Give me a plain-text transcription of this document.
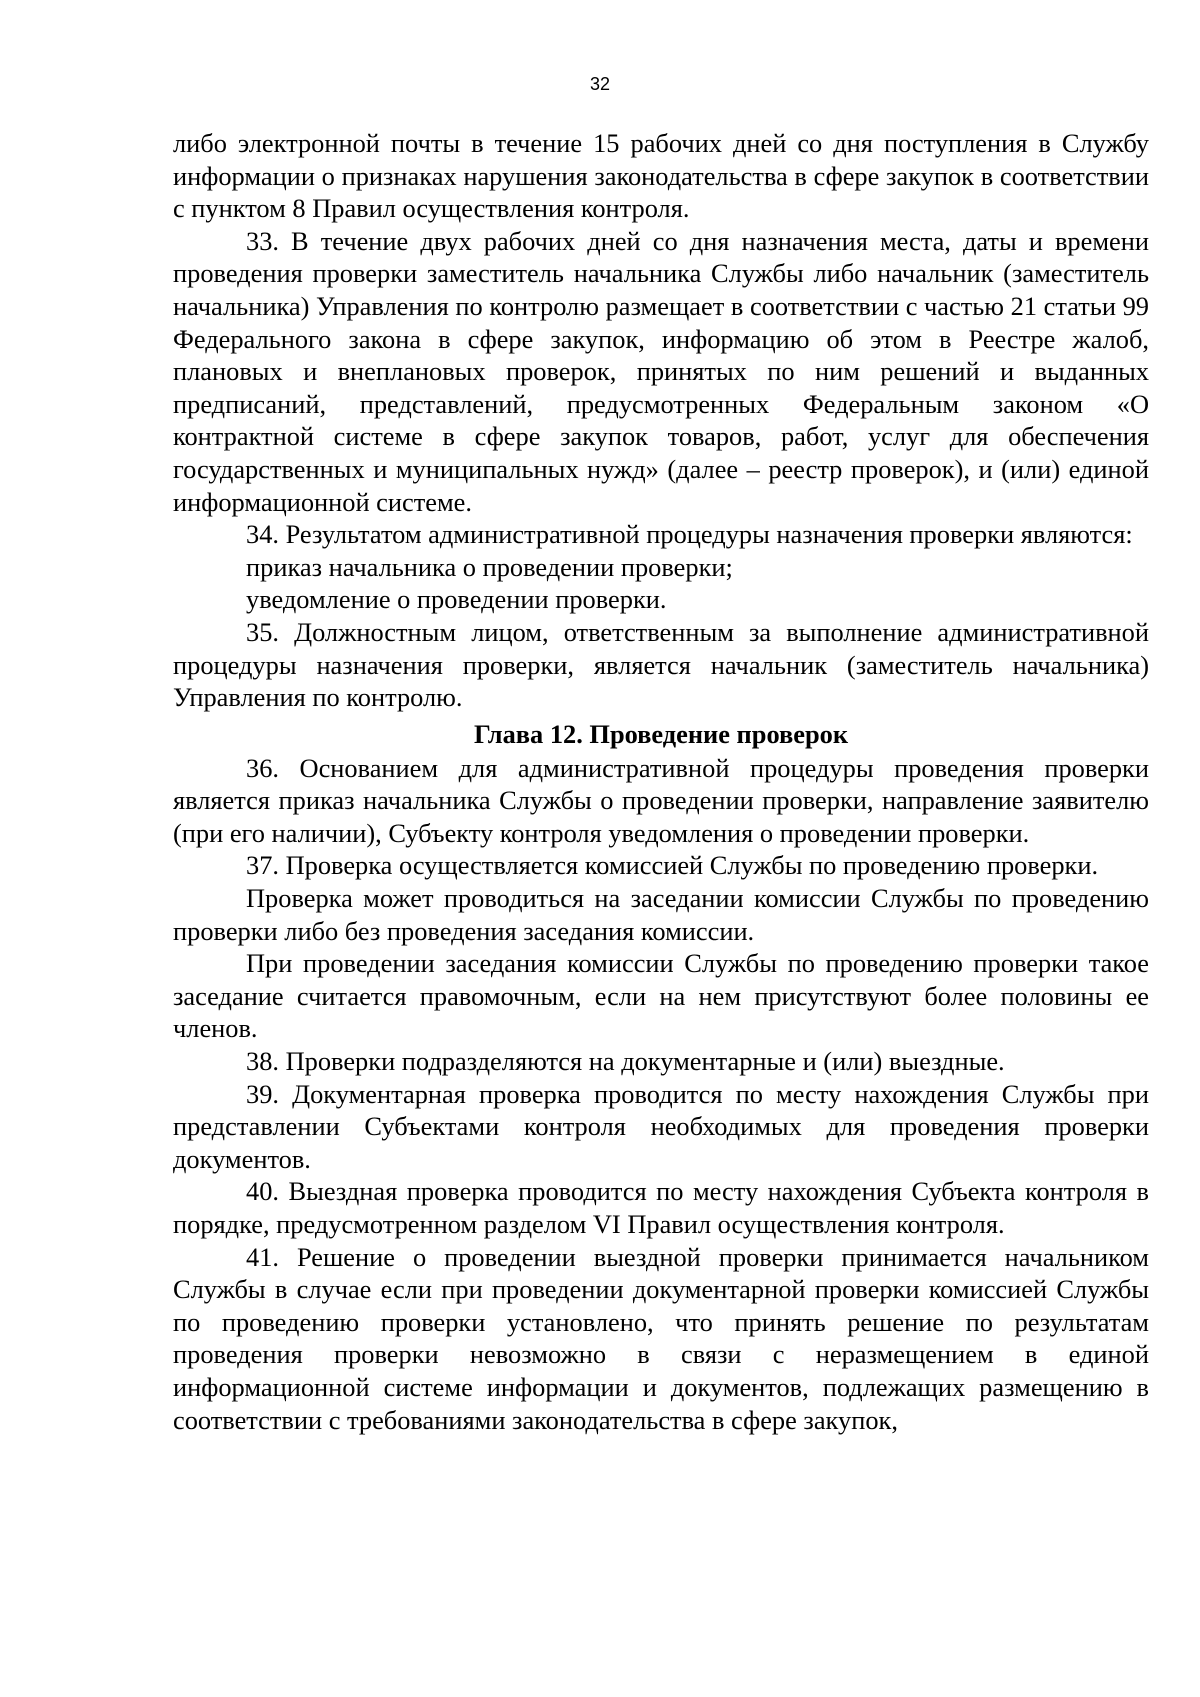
32

либо электронной почты в течение 15 рабочих дней со дня поступления в Службу информации о признаках нарушения законодательства в сфере закупок в соответствии с пунктом 8 Правил осуществления контроля.

33. В течение двух рабочих дней со дня назначения места, даты и времени проведения проверки заместитель начальника Службы либо начальник (заместитель начальника) Управления по контролю размещает в соответствии с частью 21 статьи 99 Федерального закона в сфере закупок, информацию об этом в Реестре жалоб, плановых и внеплановых проверок, принятых по ним решений и выданных предписаний, представлений, предусмотренных Федеральным законом «О контрактной системе в сфере закупок товаров, работ, услуг для обеспечения государственных и муниципальных нужд» (далее – реестр проверок), и (или) единой информационной системе.

34. Результатом административной процедуры назначения проверки являются:

приказ начальника о проведении проверки;

уведомление о проведении проверки.

35. Должностным лицом, ответственным за выполнение административной процедуры назначения проверки, является начальник (заместитель начальника) Управления по контролю.

Глава 12. Проведение проверок

36. Основанием для административной процедуры проведения проверки является приказ начальника Службы о проведении проверки, направление заявителю (при его наличии), Субъекту контроля уведомления о проведении проверки.

37. Проверка осуществляется комиссией Службы по проведению проверки.

Проверка может проводиться на заседании комиссии Службы по проведению проверки либо без проведения заседания комиссии.

При проведении заседания комиссии Службы по проведению проверки такое заседание считается правомочным, если на нем присутствуют более половины ее членов.

38. Проверки подразделяются на документарные и (или) выездные.

39. Документарная проверка проводится по месту нахождения Службы при представлении Субъектами контроля необходимых для проведения проверки документов.

40. Выездная проверка проводится по месту нахождения Субъекта контроля в порядке, предусмотренном разделом VI Правил осуществления контроля.

41. Решение о проведении выездной проверки принимается начальником Службы в случае если при проведении документарной проверки комиссией Службы по проведению проверки установлено, что принять решение по результатам проведения проверки невозможно в связи с неразмещением в единой информационной системе информации и документов, подлежащих размещению в соответствии с требованиями законодательства в сфере закупок,
